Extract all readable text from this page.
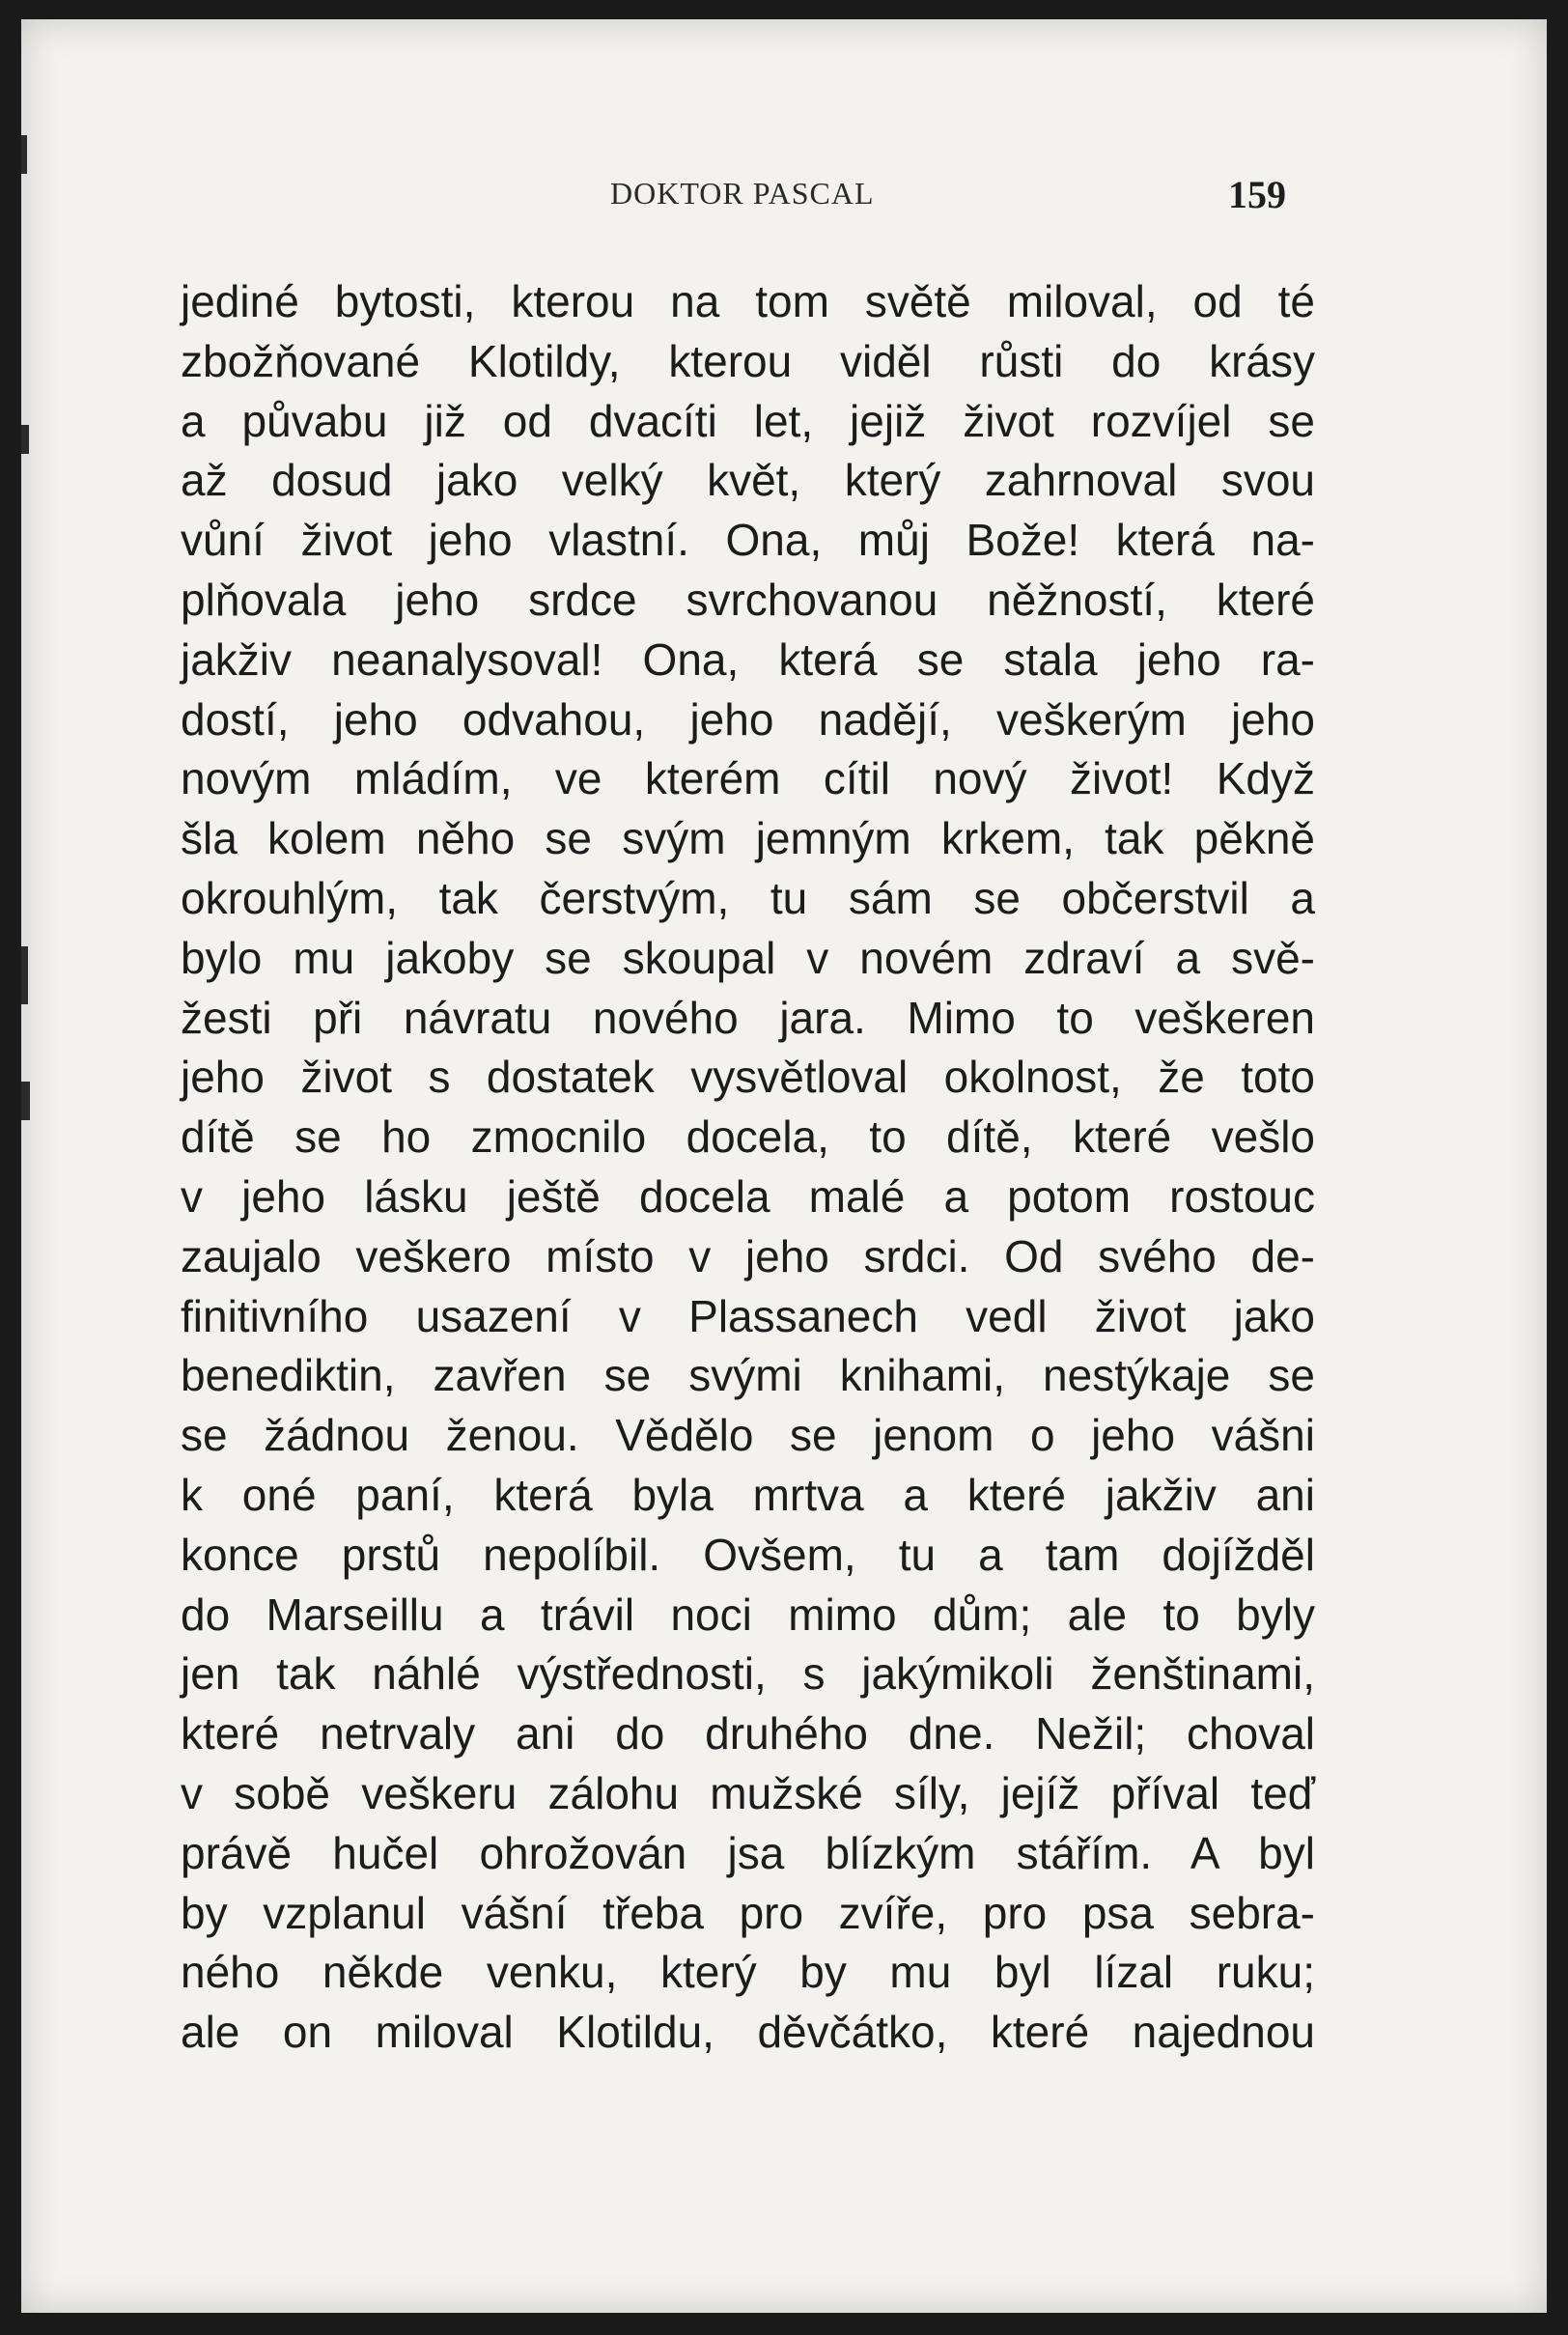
DOKTOR PASCAL	159
jediné bytosti, kterou na tom světě miloval, od té
zbožňované Klotildy, kterou viděl růsti do krásy
a půvabu již od dvacíti let, jejiž život rozvíjel se
až dosud jako velký květ, který zahrnoval svou
vůní život jeho vlastní. Ona, můj Bože! která na-
plňovala jeho srdce svrchovanou něžností, které
jakživ neanalysoval! Ona, která se stala jeho ra-
dostí, jeho odvahou, jeho nadějí, veškerým jeho
novým mládím, ve kterém cítil nový život! Když
šla kolem něho se svým jemným krkem, tak pěkně
okrouhlým, tak čerstvým, tu sám se občerstvil a
bylo mu jakoby se skoupal v novém zdraví a svě-
žesti při návratu nového jara. Mimo to veškeren
jeho život s dostatek vysvětloval okolnost, že toto
dítě se ho zmocnilo docela, to dítě, které vešlo
v jeho lásku ještě docela malé a potom rostouc
zaujalo veškero místo v jeho srdci. Od svého de-
finitivního usazení v Plassanech vedl život jako
benediktin, zavřen se svými knihami, nestýkaje se
se žádnou ženou. Vědělo se jenom o jeho vášni
k oné paní, která byla mrtva a které jakživ ani
konce prstů nepolíbil. Ovšem, tu a tam dojížděl
do Marseillu a trávil noci mimo dům; ale to byly
jen tak náhlé výstřednosti, s jakýmikoli ženštinami,
které netrvaly ani do druhého dne. Nežil; choval
v sobě veškeru zálohu mužské síly, jejíž příval teď
právě hučel ohrožován jsa blízkým stářím. A byl
by vzplanul vášní třeba pro zvíře, pro psa sebra-
ného někde venku, který by mu byl lízal ruku;
ale on miloval Klotildu, děvčátko, které najednou
